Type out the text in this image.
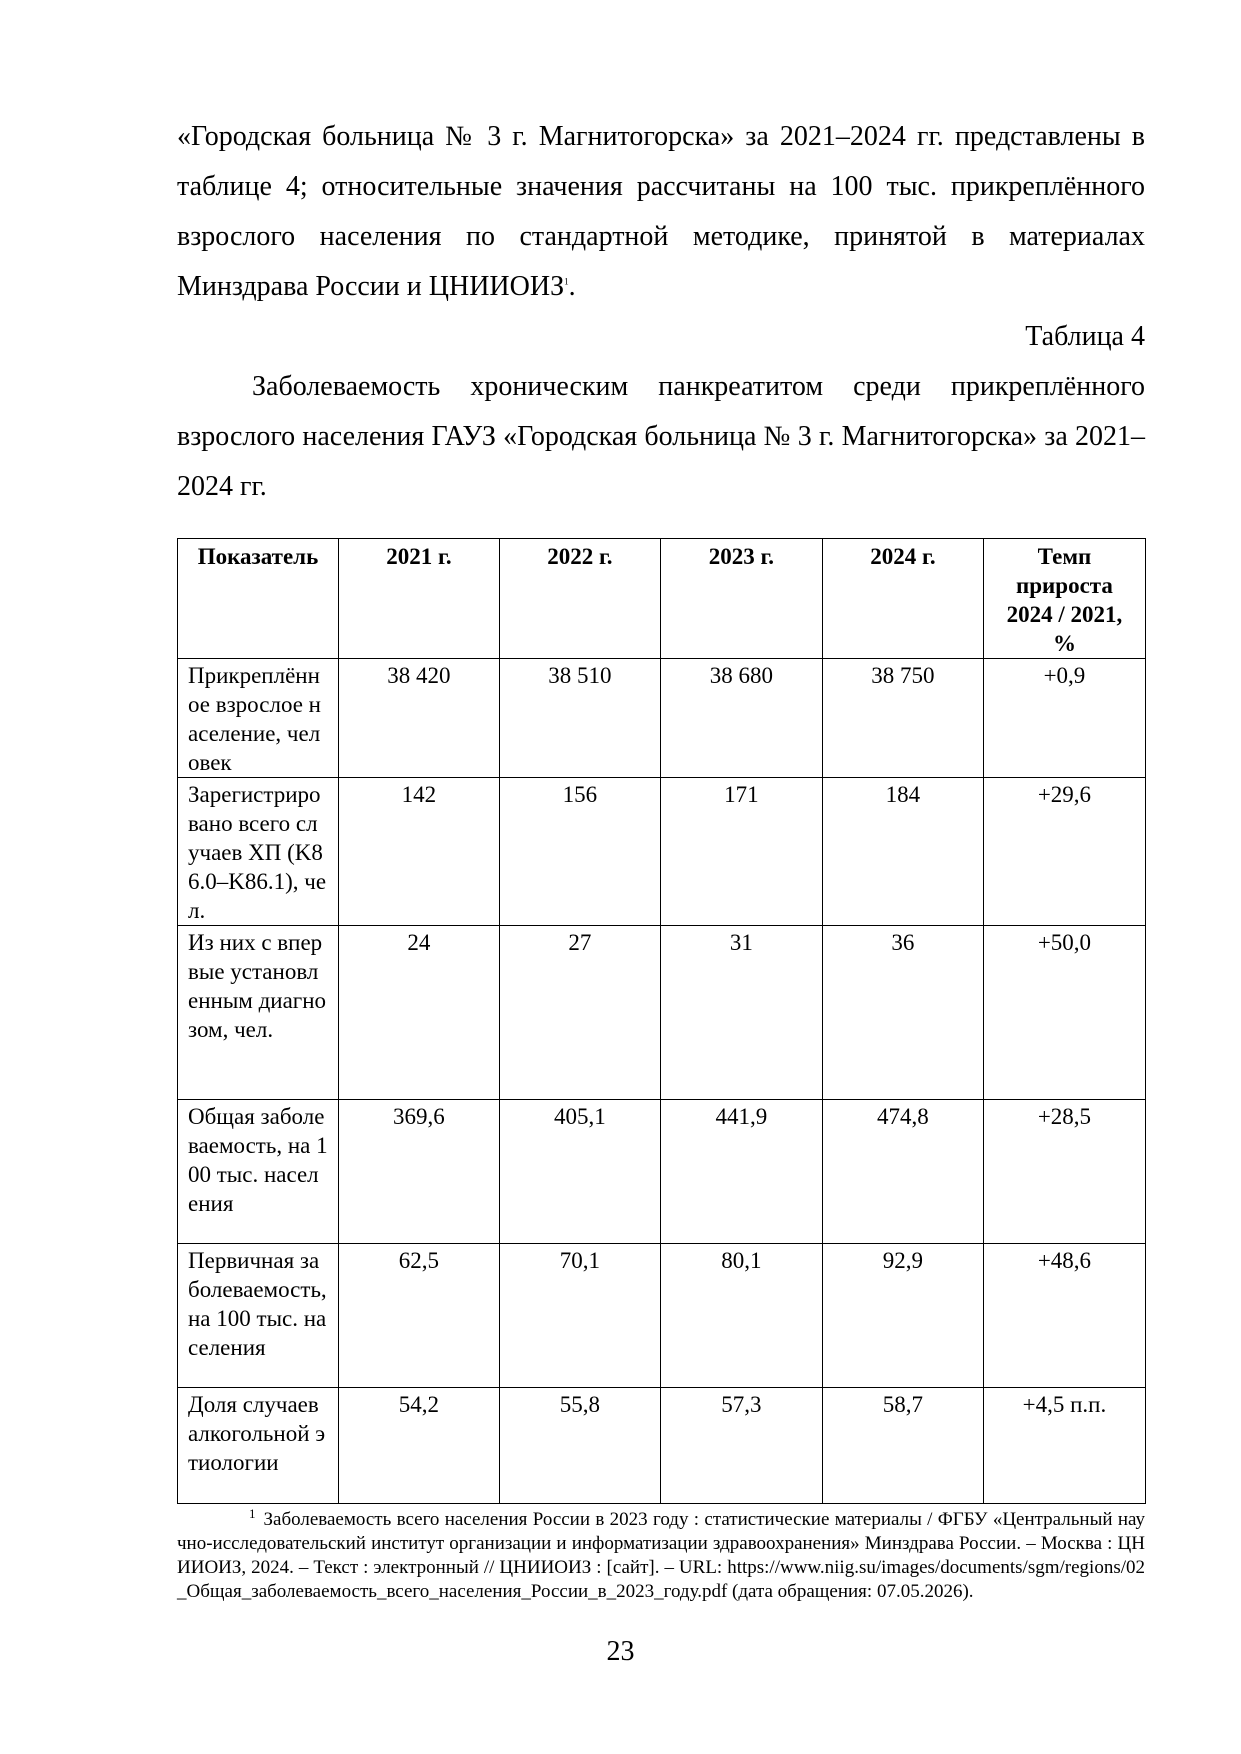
«Городская больница № 3 г. Магнитогорска» за 2021–2024 гг. представлены в таблице 4; относительные значения рассчитаны на 100 тыс. прикреплённого взрослого населения по стандартной методике, принятой в материалах Минздрава России и ЦНИИОИЗ$^1$.

Таблица 4

Заболеваемость хроническим панкреатитом среди прикреплённого взрослого населения ГАУЗ «Городская больница № 3 г. Магнитогорска» за 2021–2024 гг.

Показатель	2021 г.	2022 г.	2023 г.	2024 г.	Темп прироста 2024 / 2021, %
Прикреплённое взрослое население, человек	38 420	38 510	38 680	38 750	+0,9
Зарегистрировано всего случаев ХП (K86.0–K86.1), чел.	142	156	171	184	+29,6
Из них с впервые установленным диагнозом, чел.	24	27	31	36	+50,0
Общая заболеваемость, на 100 тыс. населения	369,6	405,1	441,9	474,8	+28,5
Первичная заболеваемость, на 100 тыс. населения	62,5	70,1	80,1	92,9	+48,6
Доля случаев алкогольной этиологии	54,2	55,8	57,3	58,7	+4,5 п.п.

$^1$ Заболеваемость всего населения России в 2023 году : статистические материалы / ФГБУ «Центральный научно-исследовательский институт организации и информатизации здравоохранения» Минздрава России. – Москва : ЦНИИОИЗ, 2024. – Текст : электронный // ЦНИИОИЗ : [сайт]. – URL: https://www.niig.su/images/documents/sgm/regions/02_Общая_заболеваемость_всего_населения_России_в_2023_году.pdf (дата обращения: 07.05.2026).

23
